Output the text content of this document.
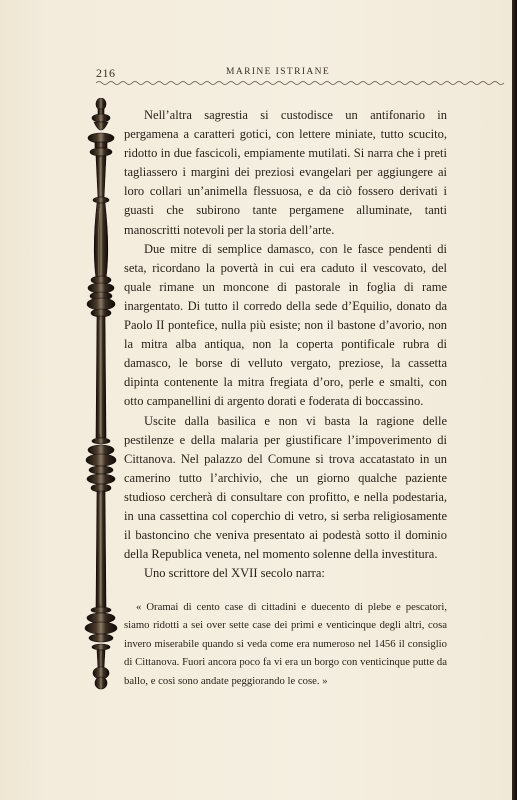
216	MARINE ISTRIANE

Nell’altra sagrestia si custodisce un antifonario in pergamena a caratteri gotici, con lettere miniate, tutto scucito, ridotto in due fascicoli, empiamente mutilati. Si narra che i preti tagliassero i margini dei preziosi evangelari per aggiungere ai loro collari un’animella flessuosa, e da ciò fossero derivati i guasti che subirono tante pergamene alluminate, tanti manoscritti notevoli per la storia dell’arte.

Due mitre di semplice damasco, con le fasce pendenti di seta, ricordano la povertà in cui era caduto il vescovato, del quale rimane un moncone di pastorale in foglia di rame inargentato. Di tutto il corredo della sede d’Equilio, donato da Paolo II pontefice, nulla più esiste; non il bastone d’avorio, non la mitra alba antiqua, non la coperta pontificale rubra di damasco, le borse di velluto vergato, preziose, la cassetta dipinta contenente la mitra fregiata d’oro, perle e smalti, con otto campanellini di argento dorati e foderata di boccassino.

Uscite dalla basilica e non vi basta la ragione delle pestilenze e della malaria per giustificare l’impoverimento di Cittanova. Nel palazzo del Comune si trova accatastato in un camerino tutto l’archivio, che un giorno qualche paziente studioso cercherà di consultare con profitto, e nella podestaria, in una cassettina col coperchio di vetro, si serba religiosamente il bastoncino che veniva presentato ai podestà sotto il dominio della Republica veneta, nel momento solenne della investitura.

Uno scrittore del XVII secolo narra:

« Oramai di cento case di cittadini e duecento di plebe e pescatori, siamo ridotti a sei over sette case dei primi e venticinque degli altri, cosa invero miserabile quando si veda come era numeroso nel 1456 il consiglio di Cittanova. Fuori ancora poco fa vi era un borgo con venticinque putte da ballo, e così sono andate peggiorando le cose. »
